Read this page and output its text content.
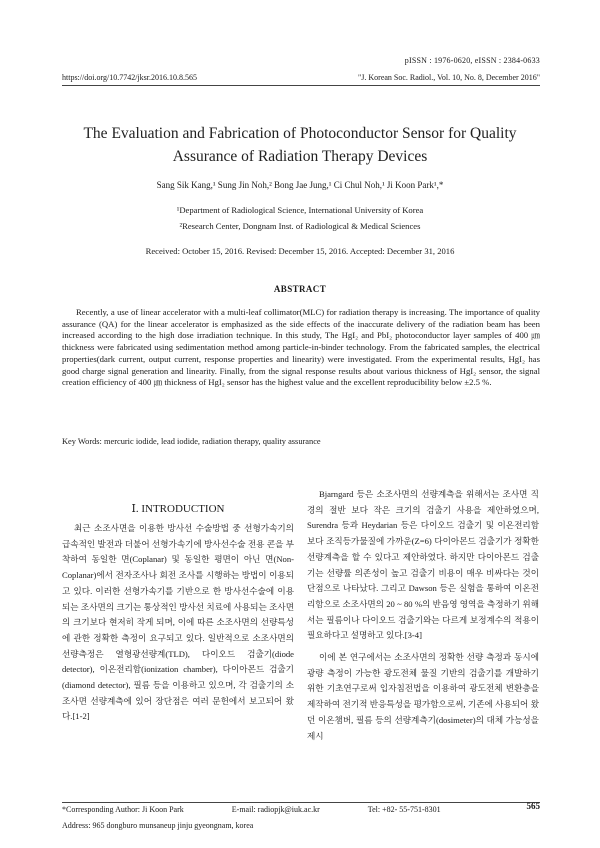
pISSN : 1976-0620, eISSN : 2384-0633
https://doi.org/10.7742/jksr.2016.10.8.565	"J. Korean Soc. Radiol., Vol. 10, No. 8, December 2016"
The Evaluation and Fabrication of Photoconductor Sensor for Quality
Assurance of Radiation Therapy Devices
Sang Sik Kang,¹ Sung Jin Noh,² Bong Jae Jung,¹ Ci Chul Noh,¹ Ji Koon Park¹,*
¹Department of Radiological Science, International University of Korea
²Research Center, Dongnam Inst. of Radiological & Medical Sciences
Received: October 15, 2016. Revised: December 15, 2016. Accepted: December 31, 2016
ABSTRACT
Recently, a use of linear accelerator with a multi-leaf collimator(MLC) for radiation therapy is increasing. The importance of quality assurance (QA) for the linear accelerator is emphasized as the side effects of the inaccurate delivery of the radiation beam has been increased according to the high dose irradiation technique. In this study, The HgI₂ and PbI₂ photoconductor layer samples of 400 ㎛ thickness were fabricated using sedimentation method among particle-in-binder technology. From the fabricated samples, the electrical properties(dark current, output current, response properties and linearity) were investigated. From the experimental results, HgI₂ has good charge signal generation and linearity. Finally, from the signal response results about various thickness of HgI₂ sensor, the signal creation efficiency of 400 ㎛ thickness of HgI₂ sensor has the highest value and the excellent reproducibility below ±2.5 %.
Key Words: mercuric iodide, lead iodide, radiation therapy, quality assurance
Ⅰ. INTRODUCTION

최근 소조사면을 이용한 방사선 수술방법 중 선형가속기의 급속적인 발전과 더불어 선형가속기에 방사선수술 전용 콘을 부착하여 동일한 면(Coplanar) 및 동일한 평면이 아닌 면(Non-Coplanar)에서 전자조사나 회전 조사를 시행하는 방법이 이용되고 있다. 이러한 선형가속기를 기반으로 한 방사선수술에 이용되는 조사면의 크기는 통상적인 방사선 치료에 사용되는 조사면의 크기보다 현저히 작게 되며, 이에 따른 소조사면의 선량특성에 관한 정확한 측정이 요구되고 있다. 일반적으로 소조사면의 선량측정은 열형광선량계(TLD), 다이오드 검출기(diode detector), 이온전리함(ionization chamber), 다이아몬드 검출기(diamond detector), 필름 등을 이용하고 있으며, 각 검출기의 소조사면 선량계측에 있어 장단점은 여러 문헌에서 보고되어 왔다.[1-2]

Bjarngard 등은 소조사면의 선량계측을 위해서는 조사면 직경의 절반 보다 작은 크기의 검출기 사용을 제안하였으며, Surendra 등과 Heydarian 등은 다이오드 검출기 및 이온전리함 보다 조직등가물질에 가까운(Z=6) 다이아몬드 검출기가 정확한 선량계측을 할 수 있다고 제안하였다. 하지만 다이아몬드 검출기는 선량률 의존성이 높고 검출기 비용이 매우 비싸다는 것이 단점으로 나타났다. 그리고 Dawson 등은 실험을 통하여 이온전리함으로 소조사면의 20 ~ 80 %의 반음영 영역을 측정하기 위해서는 필름이나 다이오드 검출기와는 다르게 보정계수의 적용이 필요하다고 설명하고 있다.[3-4]

이에 본 연구에서는 소조사면의 정확한 선량 측정과 동시에 광량 측정이 가능한 광도전체 물질 기반의 검출기를 개발하기 위한 기초연구로써 입자침전법을 이용하여 광도전체 변환층을 제작하여 전기적 반응특성을 평가함으로써, 기존에 사용되어 왔던 이온챔버, 필름 등의 선량계측기(dosimeter)의 대체 가능성을 제시

*Corresponding Author: Ji Koon Park	E-mail: radiopjk@iuk.ac.kr	Tel: +82- 55-751-8301
Address: 965 dongburo munsaneup jinju gyeongnam, korea
565
